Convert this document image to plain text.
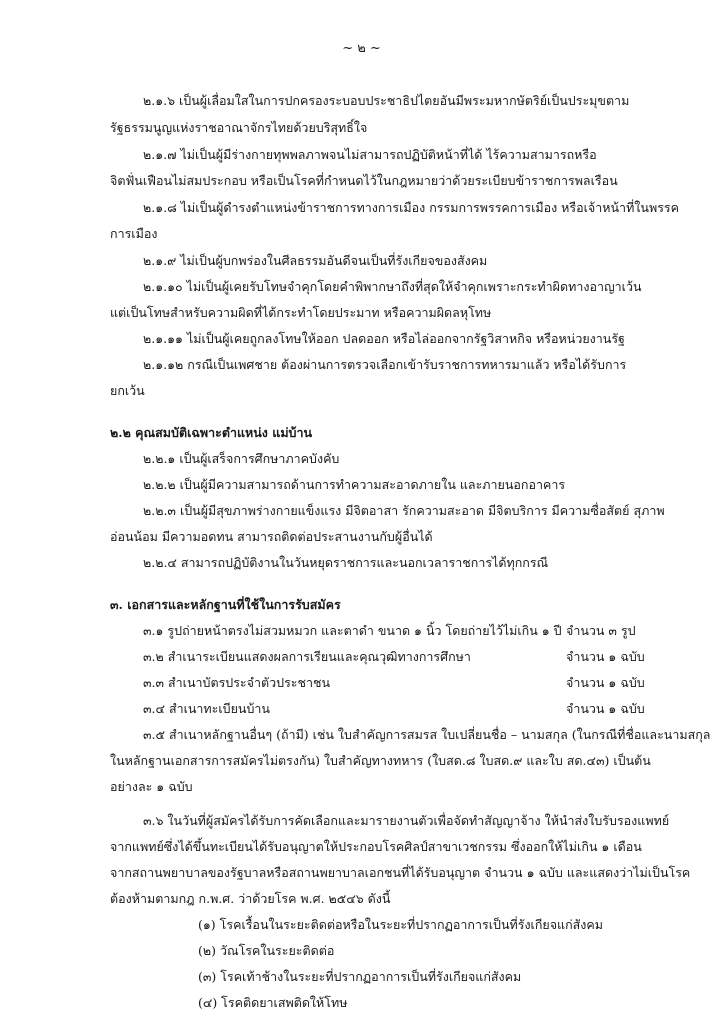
~ ๒ ~
๒.๑.๖ เป็นผู้เลื่อมใสในการปกครองระบอบประชาธิปไตยอันมีพระมหากษัตริย์เป็นประมุขตาม
รัฐธรรมนูญแห่งราชอาณาจักรไทยด้วยบริสุทธิ์ใจ
๒.๑.๗ ไม่เป็นผู้มีร่างกายทุพพลภาพจนไม่สามารถปฏิบัติหน้าที่ได้ ไร้ความสามารถหรือ
จิตฟั่นเฟือนไม่สมประกอบ หรือเป็นโรคที่กำหนดไว้ในกฎหมายว่าด้วยระเบียบข้าราชการพลเรือน
๒.๑.๘ ไม่เป็นผู้ดำรงตำแหน่งข้าราชการทางการเมือง กรรมการพรรคการเมือง หรือเจ้าหน้าที่ในพรรค
การเมือง
๒.๑.๙ ไม่เป็นผู้บกพร่องในศีลธรรมอันดีจนเป็นที่รังเกียจของสังคม
๒.๑.๑๐ ไม่เป็นผู้เคยรับโทษจำคุกโดยคำพิพากษาถึงที่สุดให้จำคุกเพราะกระทำผิดทางอาญาเว้น
แต่เป็นโทษสำหรับความผิดที่ได้กระทำโดยประมาท หรือความผิดลหุโทษ
๒.๑.๑๑ ไม่เป็นผู้เคยถูกลงโทษให้ออก ปลดออก หรือไล่ออกจากรัฐวิสาหกิจ หรือหน่วยงานรัฐ
๒.๑.๑๒ กรณีเป็นเพศชาย ต้องผ่านการตรวจเลือกเข้ารับราชการทหารมาแล้ว หรือได้รับการ
ยกเว้น
๒.๒ คุณสมบัติเฉพาะตำแหน่ง แม่บ้าน
๒.๒.๑ เป็นผู้เสร็จการศึกษาภาคบังคับ
๒.๒.๒ เป็นผู้มีความสามารถด้านการทำความสะอาดภายใน และภายนอกอาคาร
๒.๒.๓ เป็นผู้มีสุขภาพร่างกายแข็งแรง มีจิตอาสา รักความสะอาด มีจิตบริการ มีความซื่อสัตย์ สุภาพ
อ่อนน้อม มีความอดทน สามารถติดต่อประสานงานกับผู้อื่นได้
๒.๒.๔ สามารถปฏิบัติงานในวันหยุดราชการและนอกเวลาราชการได้ทุกกรณี
๓. เอกสารและหลักฐานที่ใช้ในการรับสมัคร
๓.๑ รูปถ่ายหน้าตรงไม่สวมหมวก และตาดำ ขนาด ๑ นิ้ว โดยถ่ายไว้ไม่เกิน ๑ ปี จำนวน ๓ รูป
๓.๒ สำเนาระเบียนแสดงผลการเรียนและคุณวุฒิทางการศึกษา	จำนวน ๑ ฉบับ
๓.๓ สำเนาบัตรประจำตัวประชาชน	จำนวน ๑ ฉบับ
๓.๔ สำเนาทะเบียนบ้าน	จำนวน ๑ ฉบับ
๓.๕ สำเนาหลักฐานอื่นๆ (ถ้ามี) เช่น ใบสำคัญการสมรส ใบเปลี่ยนชื่อ – นามสกุล (ในกรณีที่ชื่อและนามสกุล
ในหลักฐานเอกสารการสมัครไม่ตรงกัน) ใบสำคัญทางทหาร (ใบสด.๘ ใบสด.๙ และใบ สด.๔๓) เป็นต้น
อย่างละ ๑ ฉบับ
๓.๖ ในวันที่ผู้สมัครได้รับการคัดเลือกและมารายงานตัวเพื่อจัดทำสัญญาจ้าง ให้นำส่งใบรับรองแพทย์
จากแพทย์ซึ่งได้ขึ้นทะเบียนได้รับอนุญาตให้ประกอบโรคศิลป์สาขาเวชกรรม ซึ่งออกให้ไม่เกิน ๑ เดือน
จากสถานพยาบาลของรัฐบาลหรือสถานพยาบาลเอกชนที่ได้รับอนุญาต จำนวน ๑ ฉบับ และแสดงว่าไม่เป็นโรค
ต้องห้ามตามกฎ ก.พ.ศ. ว่าด้วยโรค พ.ศ. ๒๕๔๖ ดังนี้
(๑) โรคเรื้อนในระยะติดต่อหรือในระยะที่ปรากฏอาการเป็นที่รังเกียจแก่สังคม
(๒) วัณโรคในระยะติดต่อ
(๓) โรคเท้าช้างในระยะที่ปรากฏอาการเป็นที่รังเกียจแก่สังคม
(๔) โรคติดยาเสพติดให้โทษ
